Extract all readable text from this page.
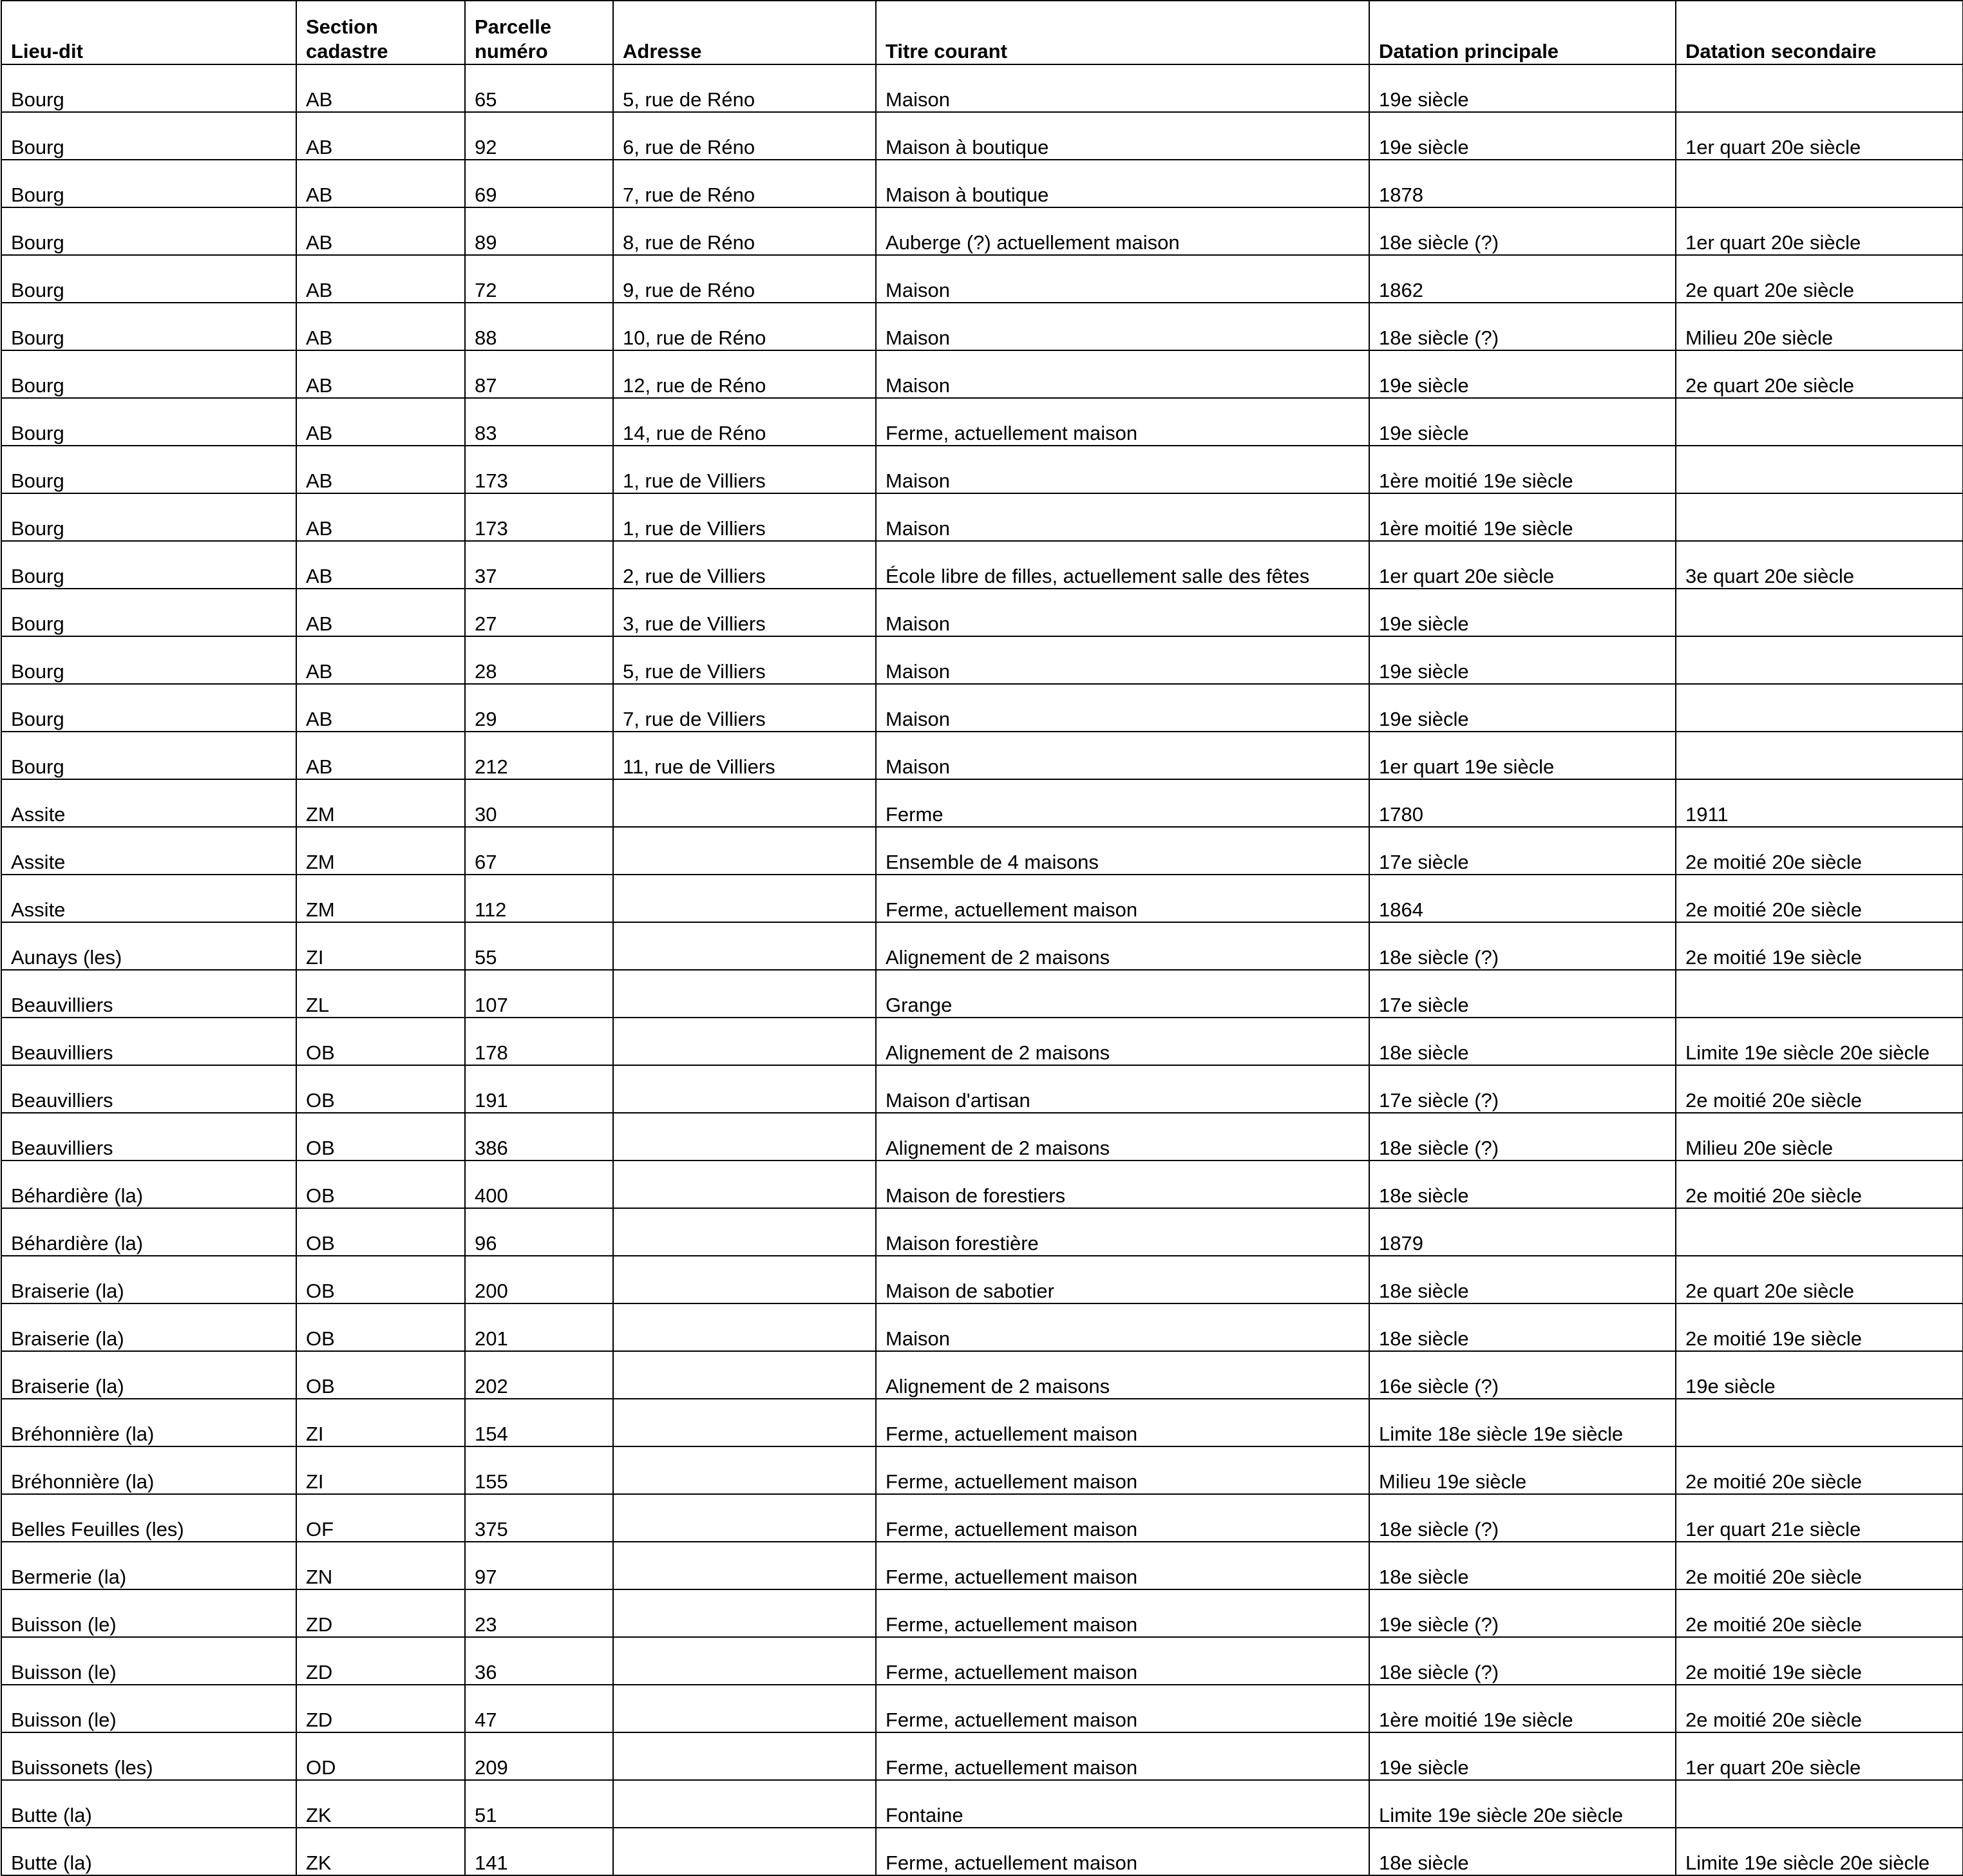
Lieu-dit	Section cadastre	Parcelle numéro	Adresse	Titre courant	Datation principale	Datation secondaire

Bourg	AB	65	5, rue de Réno	Maison	19e siècle	
Bourg	AB	92	6, rue de Réno	Maison à boutique	19e siècle	1er quart 20e siècle
Bourg	AB	69	7, rue de Réno	Maison à boutique	1878	
Bourg	AB	89	8, rue de Réno	Auberge (?) actuellement maison	18e siècle (?)	1er quart 20e siècle
Bourg	AB	72	9, rue de Réno	Maison	1862	2e quart 20e siècle
Bourg	AB	88	10, rue de Réno	Maison	18e siècle (?)	Milieu 20e siècle
Bourg	AB	87	12, rue de Réno	Maison	19e siècle	2e quart 20e siècle
Bourg	AB	83	14, rue de Réno	Ferme, actuellement maison	19e siècle	
Bourg	AB	173	1, rue de Villiers	Maison	1ère moitié 19e siècle	
Bourg	AB	173	1, rue de Villiers	Maison	1ère moitié 19e siècle	
Bourg	AB	37	2, rue de Villiers	École libre de filles, actuellement salle des fêtes	1er quart 20e siècle	3e quart 20e siècle
Bourg	AB	27	3, rue de Villiers	Maison	19e siècle	
Bourg	AB	28	5, rue de Villiers	Maison	19e siècle	
Bourg	AB	29	7, rue de Villiers	Maison	19e siècle	
Bourg	AB	212	11, rue de Villiers	Maison	1er quart 19e siècle	
Assite	ZM	30		Ferme	1780	1911
Assite	ZM	67		Ensemble de 4 maisons	17e siècle	2e moitié 20e siècle
Assite	ZM	112		Ferme, actuellement maison	1864	2e moitié 20e siècle
Aunays (les)	ZI	55		Alignement de 2 maisons	18e siècle (?)	2e moitié 19e siècle
Beauvilliers	ZL	107		Grange	17e siècle	
Beauvilliers	OB	178		Alignement de 2 maisons	18e siècle	Limite 19e siècle 20e siècle
Beauvilliers	OB	191		Maison d'artisan	17e siècle (?)	2e moitié 20e siècle
Beauvilliers	OB	386		Alignement de 2 maisons	18e siècle (?)	Milieu 20e siècle
Béhardière (la)	OB	400		Maison de forestiers	18e siècle	2e moitié 20e siècle
Béhardière (la)	OB	96		Maison forestière	1879	
Braiserie (la)	OB	200		Maison de sabotier	18e siècle	2e quart 20e siècle
Braiserie (la)	OB	201		Maison	18e siècle	2e moitié 19e siècle
Braiserie (la)	OB	202		Alignement de 2 maisons	16e siècle (?)	19e siècle
Bréhonnière (la)	ZI	154		Ferme, actuellement maison	Limite 18e siècle 19e siècle	
Bréhonnière (la)	ZI	155		Ferme, actuellement maison	Milieu 19e siècle	2e moitié 20e siècle
Belles Feuilles (les)	OF	375		Ferme, actuellement maison	18e siècle (?)	1er quart 21e siècle
Bermerie (la)	ZN	97		Ferme, actuellement maison	18e siècle	2e moitié 20e siècle
Buisson (le)	ZD	23		Ferme, actuellement maison	19e siècle (?)	2e moitié 20e siècle
Buisson (le)	ZD	36		Ferme, actuellement maison	18e siècle (?)	2e moitié 19e siècle
Buisson (le)	ZD	47		Ferme, actuellement maison	1ère moitié 19e siècle	2e moitié 20e siècle
Buissonets (les)	OD	209		Ferme, actuellement maison	19e siècle	1er quart 20e siècle
Butte (la)	ZK	51		Fontaine	Limite 19e siècle 20e siècle	
Butte (la)	ZK	141		Ferme, actuellement maison	18e siècle	Limite 19e siècle 20e siècle
